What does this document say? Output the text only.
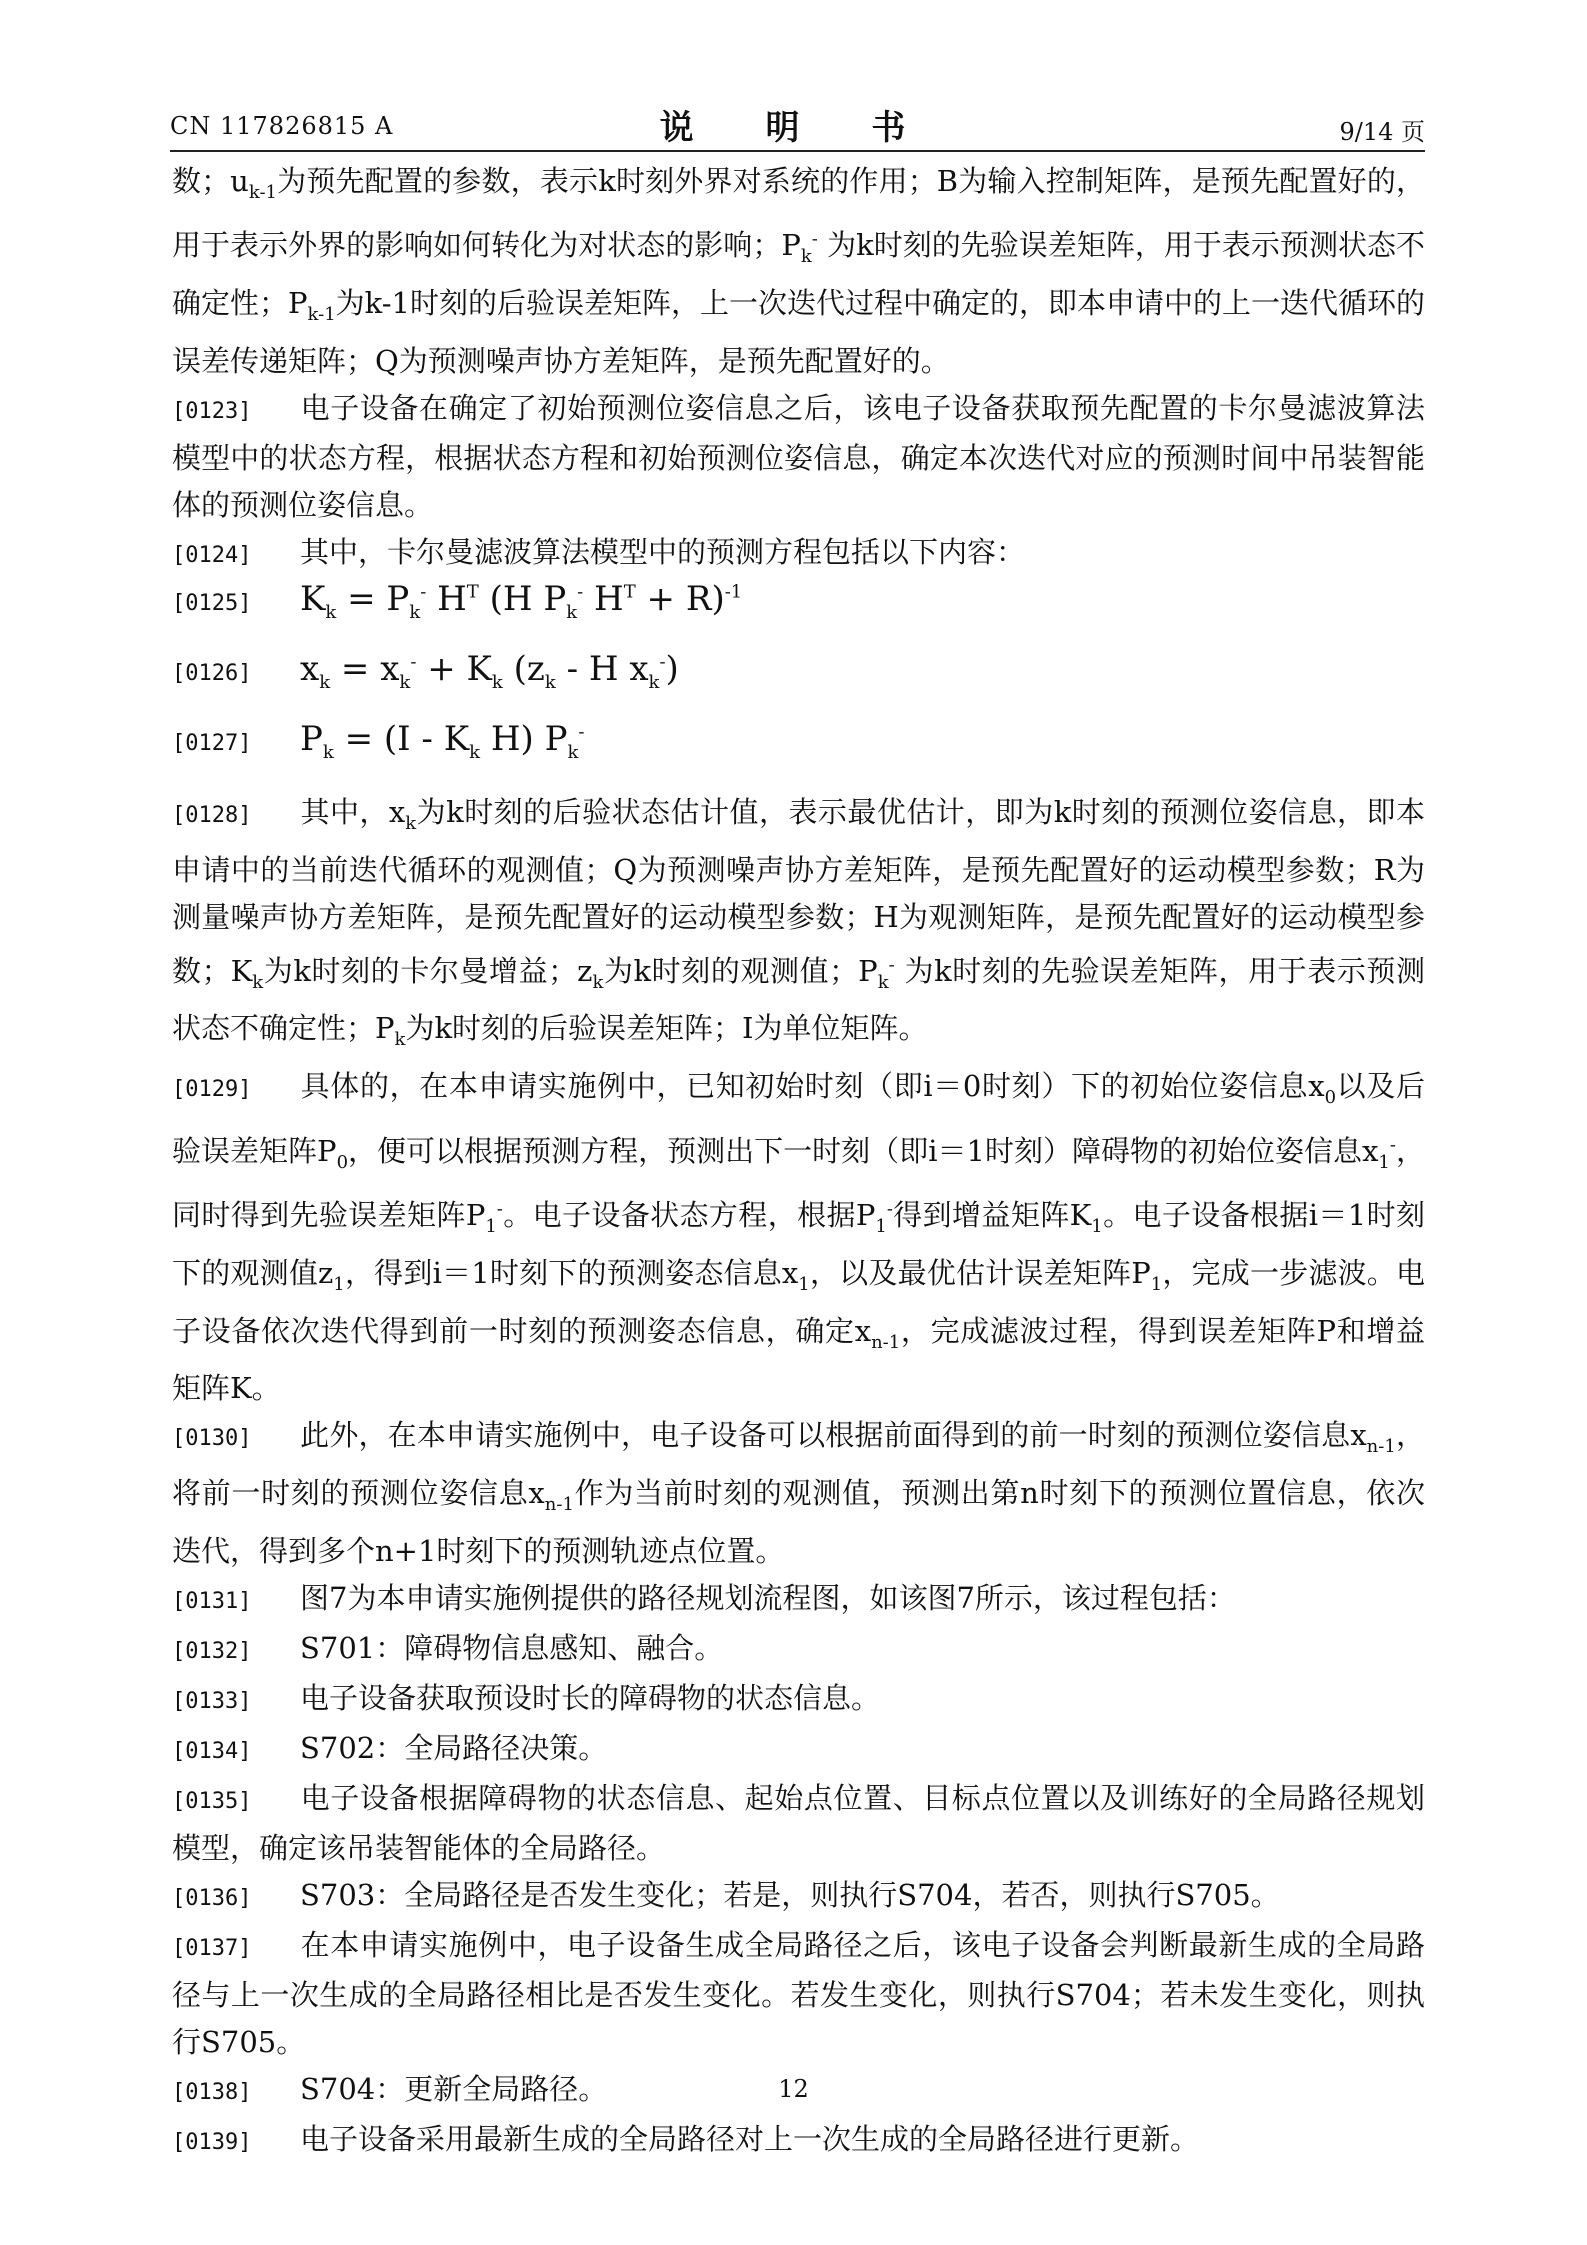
CN 117826815 A	说 明 书	9/14 页
数；$u_{k-1}$为预先配置的参数，表示k时刻外界对系统的作用；B为输入控制矩阵，是预先配置好的，用于表示外界的影响如何转化为对状态的影响；$P_k^-$ 为k时刻的先验误差矩阵，用于表示预测状态不确定性；$P_{k-1}$为k-1时刻的后验误差矩阵，上一次迭代过程中确定的，即本申请中的上一迭代循环的误差传递矩阵；Q为预测噪声协方差矩阵，是预先配置好的。
[0123] 电子设备在确定了初始预测位姿信息之后，该电子设备获取预先配置的卡尔曼滤波算法模型中的状态方程，根据状态方程和初始预测位姿信息，确定本次迭代对应的预测时间中吊装智能体的预测位姿信息。
[0124] 其中，卡尔曼滤波算法模型中的预测方程包括以下内容：
[0125]	$K_k = P_k^-$ $H^T$ (H $P_k^-$ $H^T + R)^{-1}$
[0126]	$x_k = x_k^- + K_k$ ($z_k$ - H $x_k^-$)
[0127]	$P_k = (I - K_k$ H) $P_k^-$
[0128] 其中，$x_k$为k时刻的后验状态估计值，表示最优估计，即为k时刻的预测位姿信息，即本申请中的当前迭代循环的观测值；Q为预测噪声协方差矩阵，是预先配置好的运动模型参数；R为测量噪声协方差矩阵，是预先配置好的运动模型参数；H为观测矩阵，是预先配置好的运动模型参数；$K_k$为k时刻的卡尔曼增益；$z_k$为k时刻的观测值；$P_k^-$ 为k时刻的先验误差矩阵，用于表示预测状态不确定性；$P_k$为k时刻的后验误差矩阵；I为单位矩阵。
[0129] 具体的，在本申请实施例中，已知初始时刻（即i＝0时刻）下的初始位姿信息$x_0$以及后验误差矩阵$P_0$，便可以根据预测方程，预测出下一时刻（即i＝1时刻）障碍物的初始位姿信息$x_1^-$，同时得到先验误差矩阵$P_1^-$。电子设备状态方程，根据$P_1^-$得到增益矩阵$K_1$。电子设备根据i＝1时刻下的观测值$z_1$，得到i＝1时刻下的预测姿态信息$x_1$，以及最优估计误差矩阵$P_1$，完成一步滤波。电子设备依次迭代得到前一时刻的预测姿态信息，确定$x_{n-1}$，完成滤波过程，得到误差矩阵P和增益矩阵K。
[0130] 此外，在本申请实施例中，电子设备可以根据前面得到的前一时刻的预测位姿信息$x_{n-1}$，将前一时刻的预测位姿信息$x_{n-1}$作为当前时刻的观测值，预测出第n时刻下的预测位置信息，依次迭代，得到多个n+1时刻下的预测轨迹点位置。
[0131] 图7为本申请实施例提供的路径规划流程图，如该图7所示，该过程包括：
[0132] S701：障碍物信息感知、融合。
[0133] 电子设备获取预设时长的障碍物的状态信息。
[0134] S702：全局路径决策。
[0135] 电子设备根据障碍物的状态信息、起始点位置、目标点位置以及训练好的全局路径规划模型，确定该吊装智能体的全局路径。
[0136] S703：全局路径是否发生变化；若是，则执行S704，若否，则执行S705。
[0137] 在本申请实施例中，电子设备生成全局路径之后，该电子设备会判断最新生成的全局路径与上一次生成的全局路径相比是否发生变化。若发生变化，则执行S704；若未发生变化，则执行S705。
[0138] S704：更新全局路径。
[0139] 电子设备采用最新生成的全局路径对上一次生成的全局路径进行更新。
12
